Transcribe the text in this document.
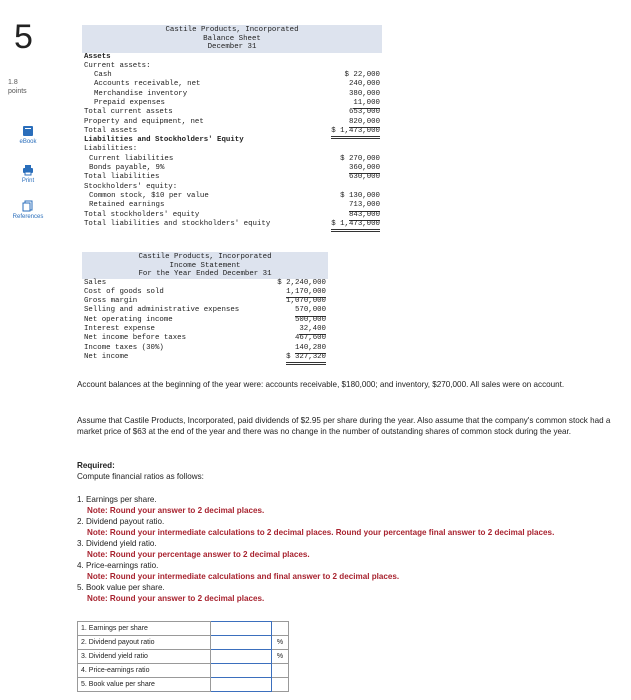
5
1.8
points
eBook
Print
References
Castile Products, Incorporated
Balance Sheet
December 31
Assets
Current assets:
Cash	$ 22,000
Accounts receivable, net	240,000
Merchandise inventory	380,000
Prepaid expenses	11,000
Total current assets	653,000
Property and equipment, net	820,000
Total assets	$ 1,473,000
Liabilities and Stockholders' Equity
Liabilities:
Current liabilities	$ 270,000
Bonds payable, 9%	360,000
Total liabilities	630,000
Stockholders' equity:
Common stock, $10 per value	$ 130,000
Retained earnings	713,000
Total stockholders' equity	843,000
Total liabilities and stockholders' equity	$ 1,473,000
Castile Products, Incorporated
Income Statement
For the Year Ended December 31
Sales	$ 2,240,000
Cost of goods sold	1,170,000
Gross margin	1,070,000
Selling and administrative expenses	570,000
Net operating income	500,000
Interest expense	32,400
Net income before taxes	467,600
Income taxes (30%)	140,280
Net income	$ 327,320
Account balances at the beginning of the year were: accounts receivable, $180,000; and inventory, $270,000. All sales were on account.
Assume that Castile Products, Incorporated, paid dividends of $2.95 per share during the year. Also assume that the company's common stock had a market price of $63 at the end of the year and there was no change in the number of outstanding shares of common stock during the year.
Required:
Compute financial ratios as follows:
1. Earnings per share.
Note: Round your answer to 2 decimal places.
2. Dividend payout ratio.
Note: Round your intermediate calculations to 2 decimal places. Round your percentage final answer to 2 decimal places.
3. Dividend yield ratio.
Note: Round your percentage answer to 2 decimal places.
4. Price-earnings ratio.
Note: Round your intermediate calculations and final answer to 2 decimal places.
5. Book value per share.
Note: Round your answer to 2 decimal places.
1. Earnings per share		
2. Dividend payout ratio		%
3. Dividend yield ratio		%
4. Price-earnings ratio		
5. Book value per share		
